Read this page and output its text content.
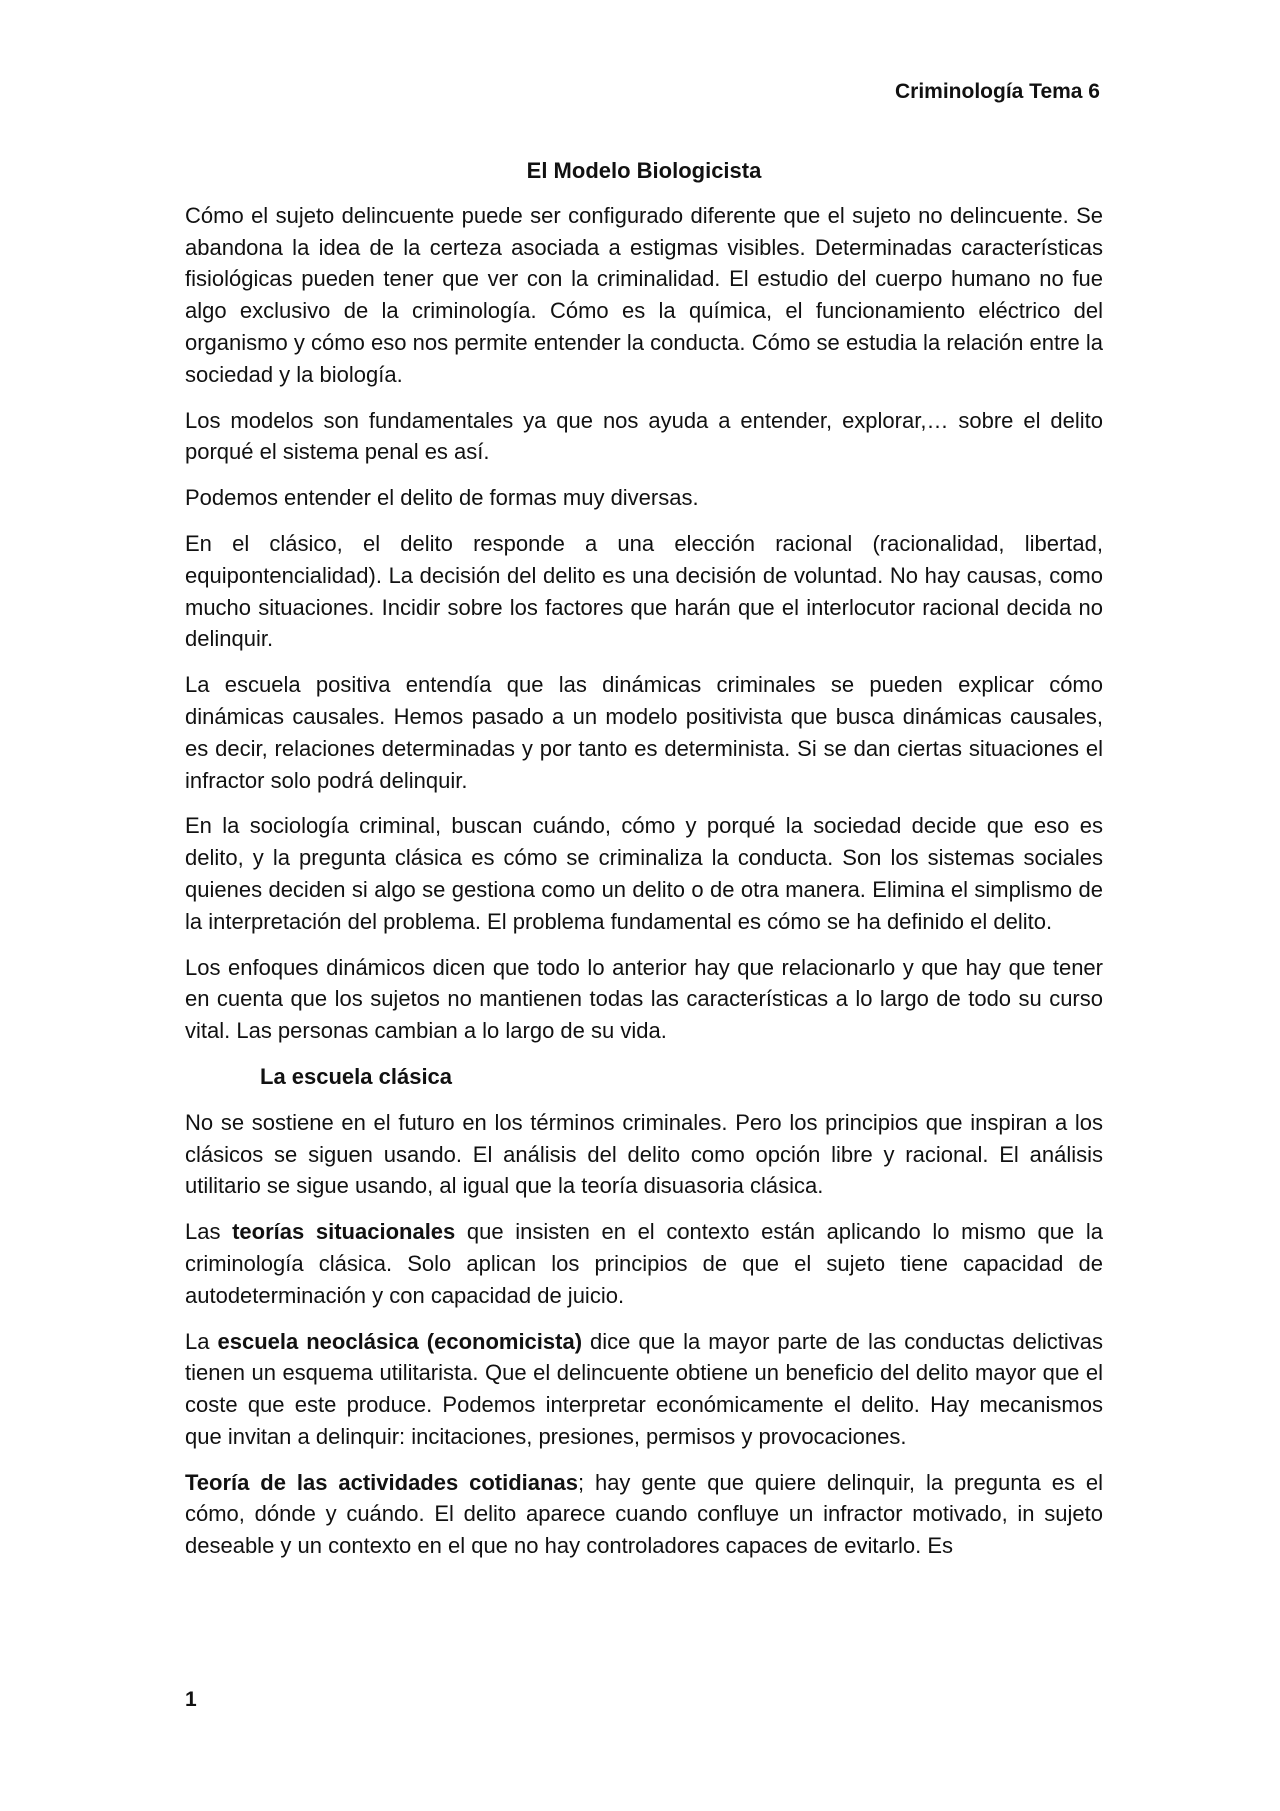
Criminología Tema 6

El Modelo Biologicista

Cómo el sujeto delincuente puede ser configurado diferente que el sujeto no delincuente. Se abandona la idea de la certeza asociada a estigmas visibles. Determinadas características fisiológicas pueden tener que ver con la criminalidad. El estudio del cuerpo humano no fue algo exclusivo de la criminología. Cómo es la química, el funcionamiento eléctrico del organismo y cómo eso nos permite entender la conducta. Cómo se estudia la relación entre la sociedad y la biología.

Los modelos son fundamentales ya que nos ayuda a entender, explorar,… sobre el delito porqué el sistema penal es así.

Podemos entender el delito de formas muy diversas.

En el clásico, el delito responde a una elección racional (racionalidad, libertad, equipontencialidad). La decisión del delito es una decisión de voluntad. No hay causas, como mucho situaciones. Incidir sobre los factores que harán que el interlocutor racional decida no delinquir.

La escuela positiva entendía que las dinámicas criminales se pueden explicar cómo dinámicas causales. Hemos pasado a un modelo positivista que busca dinámicas causales, es decir, relaciones determinadas y por tanto es determinista. Si se dan ciertas situaciones el infractor solo podrá delinquir.

En la sociología criminal, buscan cuándo, cómo y porqué la sociedad decide que eso es delito, y la pregunta clásica es cómo se criminaliza la conducta. Son los sistemas sociales quienes deciden si algo se gestiona como un delito o de otra manera. Elimina el simplismo de la interpretación del problema. El problema fundamental es cómo se ha definido el delito.

Los enfoques dinámicos dicen que todo lo anterior hay que relacionarlo y que hay que tener en cuenta que los sujetos no mantienen todas las características a lo largo de todo su curso vital. Las personas cambian a lo largo de su vida.

La escuela clásica

No se sostiene en el futuro en los términos criminales. Pero los principios que inspiran a los clásicos se siguen usando. El análisis del delito como opción libre y racional. El análisis utilitario se sigue usando, al igual que la teoría disuasoria clásica.

Las teorías situacionales que insisten en el contexto están aplicando lo mismo que la criminología clásica. Solo aplican los principios de que el sujeto tiene capacidad de autodeterminación y con capacidad de juicio.

La escuela neoclásica (economicista) dice que la mayor parte de las conductas delictivas tienen un esquema utilitarista. Que el delincuente obtiene un beneficio del delito mayor que el coste que este produce. Podemos interpretar económicamente el delito. Hay mecanismos que invitan a delinquir: incitaciones, presiones, permisos y provocaciones.

Teoría de las actividades cotidianas; hay gente que quiere delinquir, la pregunta es el cómo, dónde y cuándo. El delito aparece cuando confluye un infractor motivado, in sujeto deseable y un contexto en el que no hay controladores capaces de evitarlo. Es

1
